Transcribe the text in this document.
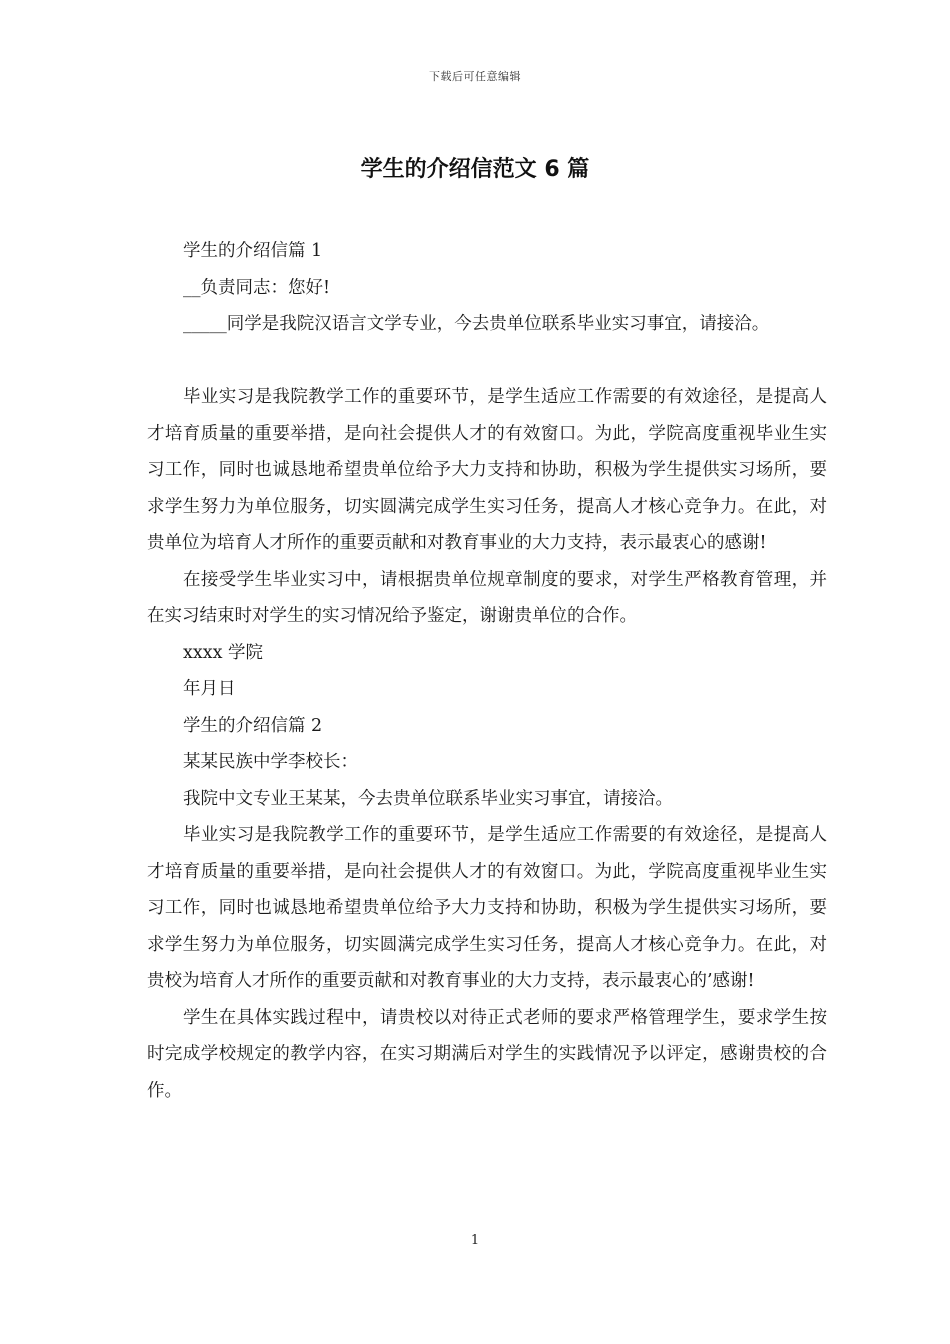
下载后可任意编辑
学生的介绍信范文 6 篇

学生的介绍信篇 1

__负责同志：您好!

_____同学是我院汉语言文学专业，今去贵单位联系毕业实习事宜，请接洽。

毕业实习是我院教学工作的重要环节，是学生适应工作需要的有效途径，是提高人才培育质量的重要举措，是向社会提供人才的有效窗口。为此，学院高度重视毕业生实习工作，同时也诚恳地希望贵单位给予大力支持和协助，积极为学生提供实习场所，要求学生努力为单位服务，切实圆满完成学生实习任务，提高人才核心竞争力。在此，对贵单位为培育人才所作的重要贡献和对教育事业的大力支持，表示最衷心的感谢!

在接受学生毕业实习中，请根据贵单位规章制度的要求，对学生严格教育管理，并在实习结束时对学生的实习情况给予鉴定，谢谢贵单位的合作。

xxxx 学院

年月日

学生的介绍信篇 2

某某民族中学李校长：

我院中文专业王某某，今去贵单位联系毕业实习事宜，请接洽。

毕业实习是我院教学工作的重要环节，是学生适应工作需要的有效途径，是提高人才培育质量的重要举措，是向社会提供人才的有效窗口。为此，学院高度重视毕业生实习工作，同时也诚恳地希望贵单位给予大力支持和协助，积极为学生提供实习场所，要求学生努力为单位服务，切实圆满完成学生实习任务，提高人才核心竞争力。在此，对贵校为培育人才所作的重要贡献和对教育事业的大力支持，表示最衷心的’感谢!

学生在具体实践过程中，请贵校以对待正式老师的要求严格管理学生，要求学生按时完成学校规定的教学内容，在实习期满后对学生的实践情况予以评定，感谢贵校的合作。

1
